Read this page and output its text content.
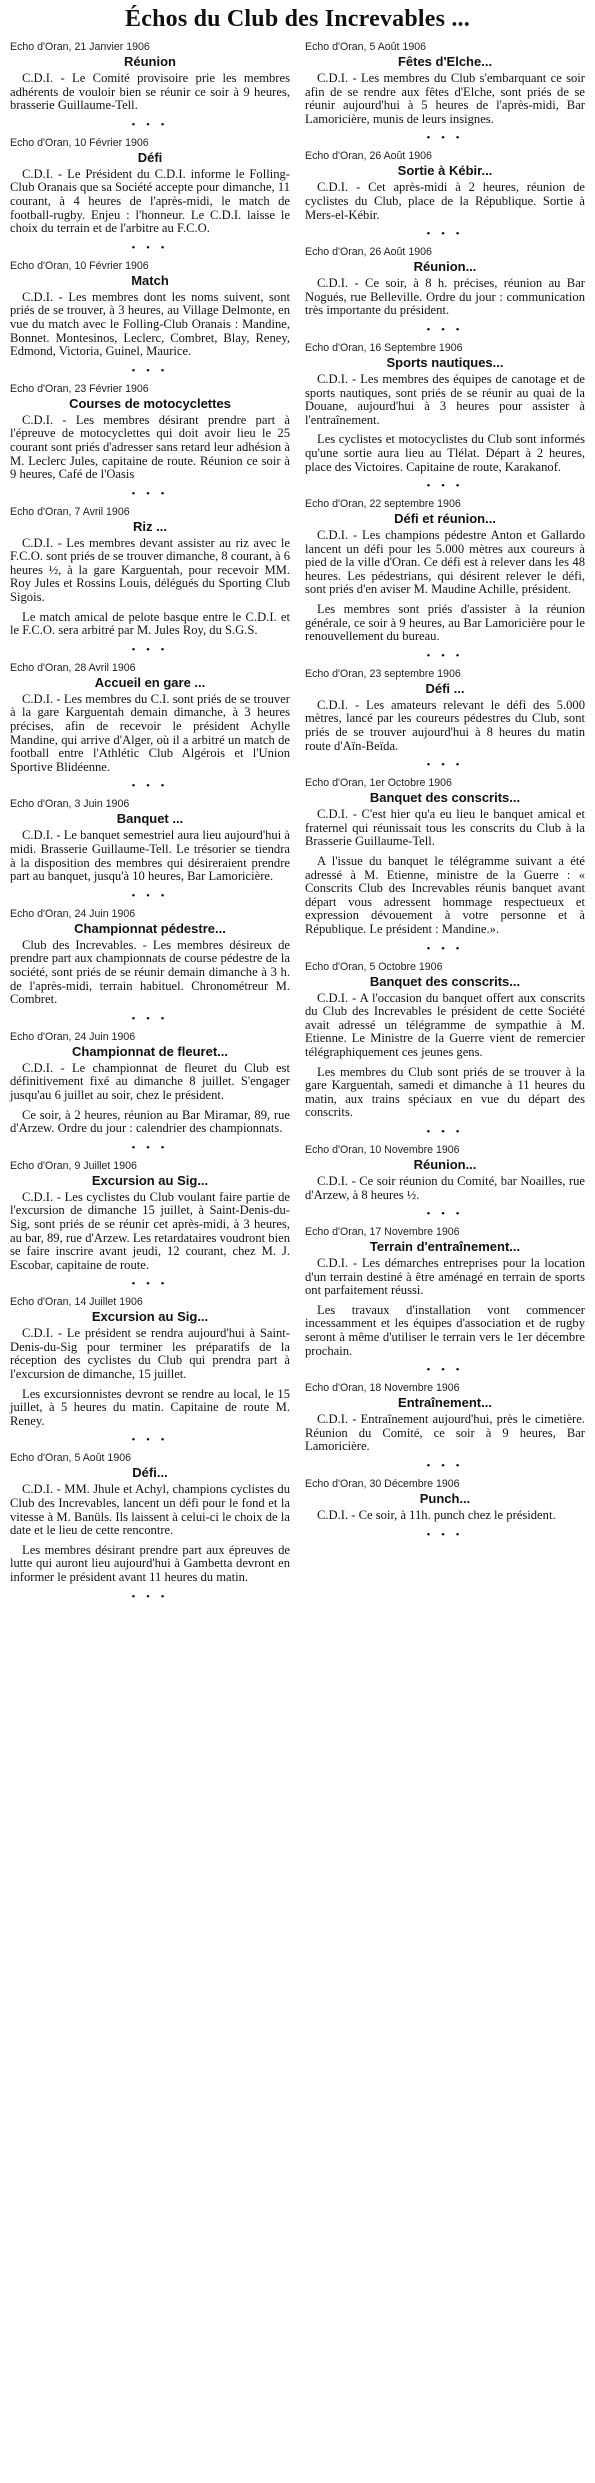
Échos du Club des Increvables ...
Echo d'Oran, 21 Janvier 1906
Réunion
C.D.I. - Le Comité provisoire prie les membres adhérents de vouloir bien se réunir ce soir à 9 heures, brasserie Guillaume-Tell.
• • •
Echo d'Oran, 10 Février 1906
Défi
C.D.I. - Le Président du C.D.I. informe le Folling-Club Oranais que sa Société accepte pour dimanche, 11 courant, à 4 heures de l'après-midi, le match de football-rugby. Enjeu : l'honneur. Le C.D.I. laisse le choix du terrain et de l'arbitre au F.C.O.
• • •
Echo d'Oran, 10 Février 1906
Match
C.D.I. - Les membres dont les noms suivent, sont priés de se trouver, à 3 heures, au Village Delmonte, en vue du match avec le Folling-Club Oranais : Mandine, Bonnet. Montesinos, Leclerc, Combret, Blay, Reney, Edmond, Victoria, Guinel, Maurice.
• • •
Echo d'Oran, 23 Février 1906
Courses de motocyclettes
C.D.I. - Les membres désirant prendre part à l'épreuve de motocyclettes qui doit avoir lieu le 25 courant sont priés d'adresser sans retard leur adhésion à M. Leclerc Jules, capitaine de route. Réunion ce soir à 9 heures, Café de l'Oasis
• • •
Echo d'Oran, 7 Avril 1906
Riz ...
C.D.I. - Les membres devant assister au riz avec le F.C.O. sont priés de se trouver dimanche, 8 courant, à 6 heures ½, à la gare Karguentah, pour recevoir MM. Roy Jules et Rossins Louis, délégués du Sporting Club Sigois.
Le match amical de pelote basque entre le C.D.I. et le F.C.O. sera arbitré par M. Jules Roy, du S.G.S.
• • •
Echo d'Oran, 28 Avril 1906
Accueil en gare ...
C.D.I. - Les membres du C.I. sont priés de se trouver à la gare Karguentah demain dimanche, à 3 heures précises, afin de recevoir le président Achylle Mandine, qui arrive d'Alger, où il a arbitré un match de football entre l'Athlétic Club Algérois et l'Union Sportive Blidéenne.
• • •
Echo d'Oran, 3 Juin 1906
Banquet ...
C.D.I. - Le banquet semestriel aura lieu aujourd'hui à midi. Brasserie Guillaume-Tell. Le trésorier se tiendra à la disposition des membres qui désireraient prendre part au banquet, jusqu'à 10 heures, Bar Lamoricière.
• • •
Echo d'Oran, 24 Juin 1906
Championnat pédestre...
Club des Increvables. - Les membres désireux de prendre part aux championnats de course pédestre de la société, sont priés de se réunir demain dimanche à 3 h. de l'après-midi, terrain habituel. Chronométreur M. Combret.
• • •
Echo d'Oran, 24 Juin 1906
Championnat de fleuret...
C.D.I. - Le championnat de fleuret du Club est définitivement fixé au dimanche 8 juillet. S'engager jusqu'au 6 juillet au soir, chez le président.
Ce soir, à 2 heures, réunion au Bar Miramar, 89, rue d'Arzew. Ordre du jour : calendrier des championnats.
• • •
Echo d'Oran, 9 Juillet 1906
Excursion au Sig...
C.D.I. - Les cyclistes du Club voulant faire partie de l'excursion de dimanche 15 juillet, à Saint-Denis-du-Sig, sont priés de se réunir cet après-midi, à 3 heures, au bar, 89, rue d'Arzew. Les retardataires voudront bien se faire inscrire avant jeudi, 12 courant, chez M. J. Escobar, capitaine de route.
• • •
Echo d'Oran, 14 Juillet 1906
Excursion au Sig...
C.D.I. - Le président se rendra aujourd'hui à Saint-Denis-du-Sig pour terminer les préparatifs de la réception des cyclistes du Club qui prendra part à l'excursion de dimanche, 15 juillet.
Les excursionnistes devront se rendre au local, le 15 juillet, à 5 heures du matin. Capitaine de route M. Reney.
• • •
Echo d'Oran, 5 Août 1906
Défi...
C.D.I. - MM. Jhule et Achyl, champions cyclistes du Club des Increvables, lancent un défi pour le fond et la vitesse à M. Banüls. Ils laissent à celui-ci le choix de la date et le lieu de cette rencontre.
Les membres désirant prendre part aux épreuves de lutte qui auront lieu aujourd'hui à Gambetta devront en informer le président avant 11 heures du matin.
• • •
Echo d'Oran, 5 Août 1906
Fêtes d'Elche...
C.D.I. - Les membres du Club s'embarquant ce soir afin de se rendre aux fêtes d'Elche, sont priés de se réunir aujourd'hui à 5 heures de l'après-midi, Bar Lamoricière, munis de leurs insignes.
• • •
Echo d'Oran, 26 Août 1906
Sortie à Kébir...
C.D.I. - Cet après-midi à 2 heures, réunion de cyclistes du Club, place de la République. Sortie à Mers-el-Kébir.
• • •
Echo d'Oran, 26 Août 1906
Réunion...
C.D.I. - Ce soir, à 8 h. précises, réunion au Bar Nogués, rue Belleville. Ordre du jour : communication très importante du président.
• • •
Echo d'Oran, 16 Septembre 1906
Sports nautiques...
C.D.I. - Les membres des équipes de canotage et de sports nautiques, sont priés de se réunir au quai de la Douane, aujourd'hui à 3 heures pour assister à l'entraînement.
Les cyclistes et motocyclistes du Club sont informés qu'une sortie aura lieu au Tlélat. Départ à 2 heures, place des Victoires. Capitaine de route, Karakanof.
• • •
Echo d'Oran, 22 septembre 1906
Défi et réunion...
C.D.I. - Les champions pédestre Anton et Gallardo lancent un défi pour les 5.000 mètres aux coureurs à pied de la ville d'Oran. Ce défi est à relever dans les 48 heures. Les pédestrians, qui désirent relever le défi, sont priés d'en aviser M. Maudine Achille, président.
Les membres sont priés d'assister à la réunion générale, ce soir à 9 heures, au Bar Lamoricière pour le renouvellement du bureau.
• • •
Echo d'Oran, 23 septembre 1906
Défi ...
C.D.I. - Les amateurs relevant le défi des 5.000 mètres, lancé par les coureurs pédestres du Club, sont priés de se trouver aujourd'hui à 8 heures du matin route d'Aïn-Beïda.
• • •
Echo d'Oran, 1er Octobre 1906
Banquet des conscrits...
C.D.I. - C'est hier qu'a eu lieu le banquet amical et fraternel qui réunissait tous les conscrits du Club à la Brasserie Guillaume-Tell.
A l'issue du banquet le télégramme suivant a été adressé à M. Etienne, ministre de la Guerre : « Conscrits Club des Increvables réunis banquet avant départ vous adressent hommage respectueux et expression dévouement à votre personne et à République. Le président : Mandine.».
• • •
Echo d'Oran, 5 Octobre 1906
Banquet des conscrits...
C.D.I. - A l'occasion du banquet offert aux conscrits du Club des Increvables le président de cette Société avait adressé un télégramme de sympathie à M. Etienne. Le Ministre de la Guerre vient de remercier télégraphiquement ces jeunes gens.
Les membres du Club sont priés de se trouver à la gare Karguentah, samedi et dimanche à 11 heures du matin, aux trains spéciaux en vue du départ des conscrits.
• • •
Echo d'Oran, 10 Novembre 1906
Réunion...
C.D.I. - Ce soir réunion du Comité, bar Noailles, rue d'Arzew, à 8 heures ½.
• • •
Echo d'Oran, 17 Novembre 1906
Terrain d'entraînement...
C.D.I. - Les démarches entreprises pour la location d'un terrain destiné à être aménagé en terrain de sports ont parfaitement réussi.
Les travaux d'installation vont commencer incessamment et les équipes d'association et de rugby seront à même d'utiliser le terrain vers le 1er décembre prochain.
• • •
Echo d'Oran, 18 Novembre 1906
Entraînement...
C.D.I. - Entraînement aujourd'hui, près le cimetière. Réunion du Comité, ce soir à 9 heures, Bar Lamoricière.
• • •
Echo d'Oran, 30 Décembre 1906
Punch...
C.D.I. - Ce soir, à 11h. punch chez le président.
• • •
